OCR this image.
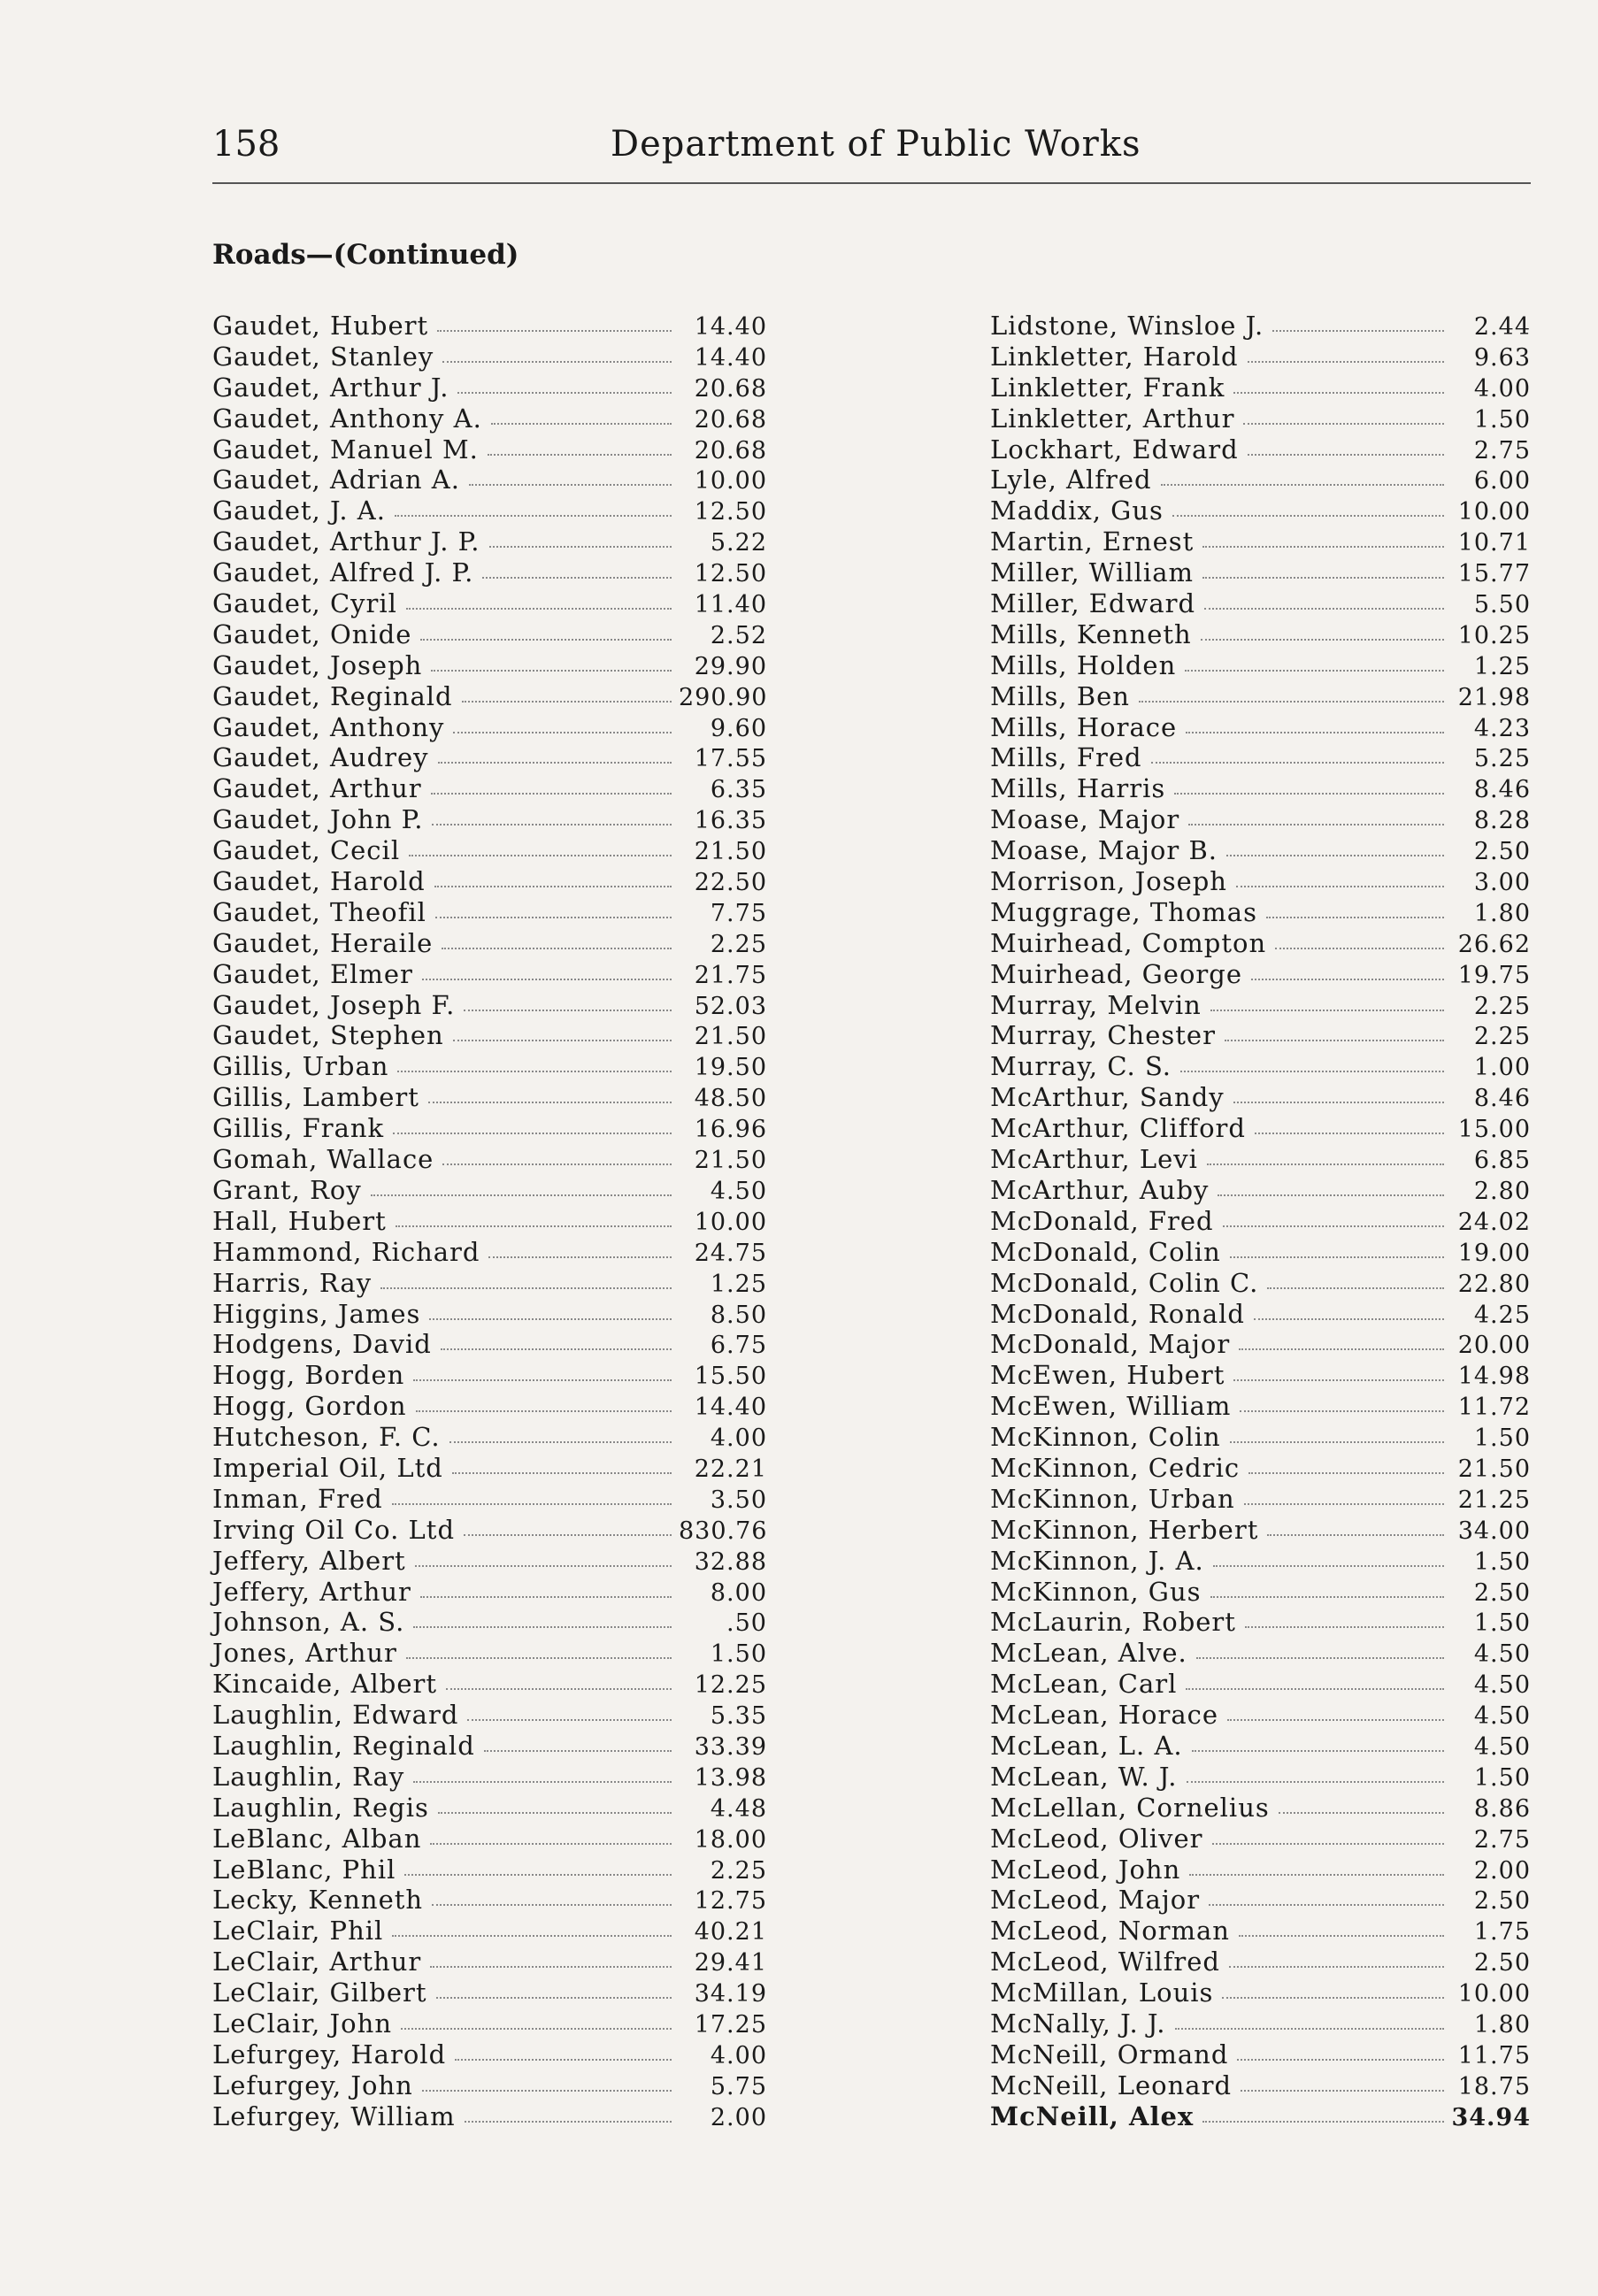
158	Department of Public Works
Roads—(Continued)
Gaudet, Hubert	14.40
Gaudet, Stanley	14.40
Gaudet, Arthur J.	20.68
Gaudet, Anthony A.	20.68
Gaudet, Manuel M.	20.68
Gaudet, Adrian A.	10.00
Gaudet, J. A.	12.50
Gaudet, Arthur J. P.	5.22
Gaudet, Alfred J. P.	12.50
Gaudet, Cyril	11.40
Gaudet, Onide	2.52
Gaudet, Joseph	29.90
Gaudet, Reginald	290.90
Gaudet, Anthony	9.60
Gaudet, Audrey	17.55
Gaudet, Arthur	6.35
Gaudet, John P.	16.35
Gaudet, Cecil	21.50
Gaudet, Harold	22.50
Gaudet, Theofil	7.75
Gaudet, Heraile	2.25
Gaudet, Elmer	21.75
Gaudet, Joseph F.	52.03
Gaudet, Stephen	21.50
Gillis, Urban	19.50
Gillis, Lambert	48.50
Gillis, Frank	16.96
Gomah, Wallace	21.50
Grant, Roy	4.50
Hall, Hubert	10.00
Hammond, Richard	24.75
Harris, Ray	1.25
Higgins, James	8.50
Hodgens, David	6.75
Hogg, Borden	15.50
Hogg, Gordon	14.40
Hutcheson, F. C.	4.00
Imperial Oil, Ltd	22.21
Inman, Fred	3.50
Irving Oil Co. Ltd	830.76
Jeffery, Albert	32.88
Jeffery, Arthur	8.00
Johnson, A. S.	.50
Jones, Arthur	1.50
Kincaide, Albert	12.25
Laughlin, Edward	5.35
Laughlin, Reginald	33.39
Laughlin, Ray	13.98
Laughlin, Regis	4.48
LeBlanc, Alban	18.00
LeBlanc, Phil	2.25
Lecky, Kenneth	12.75
LeClair, Phil	40.21
LeClair, Arthur	29.41
LeClair, Gilbert	34.19
LeClair, John	17.25
Lefurgey, Harold	4.00
Lefurgey, John	5.75
Lefurgey, William	2.00
Lidstone, Winsloe J.	2.44
Linkletter, Harold	9.63
Linkletter, Frank	4.00
Linkletter, Arthur	1.50
Lockhart, Edward	2.75
Lyle, Alfred	6.00
Maddix, Gus	10.00
Martin, Ernest	10.71
Miller, William	15.77
Miller, Edward	5.50
Mills, Kenneth	10.25
Mills, Holden	1.25
Mills, Ben	21.98
Mills, Horace	4.23
Mills, Fred	5.25
Mills, Harris	8.46
Moase, Major	8.28
Moase, Major B.	2.50
Morrison, Joseph	3.00
Muggrage, Thomas	1.80
Muirhead, Compton	26.62
Muirhead, George	19.75
Murray, Melvin	2.25
Murray, Chester	2.25
Murray, C. S.	1.00
McArthur, Sandy	8.46
McArthur, Clifford	15.00
McArthur, Levi	6.85
McArthur, Auby	2.80
McDonald, Fred	24.02
McDonald, Colin	19.00
McDonald, Colin C.	22.80
McDonald, Ronald	4.25
McDonald, Major	20.00
McEwen, Hubert	14.98
McEwen, William	11.72
McKinnon, Colin	1.50
McKinnon, Cedric	21.50
McKinnon, Urban	21.25
McKinnon, Herbert	34.00
McKinnon, J. A.	1.50
McKinnon, Gus	2.50
McLaurin, Robert	1.50
McLean, Alve.	4.50
McLean, Carl	4.50
McLean, Horace	4.50
McLean, L. A.	4.50
McLean, W. J.	1.50
McLellan, Cornelius	8.86
McLeod, Oliver	2.75
McLeod, John	2.00
McLeod, Major	2.50
McLeod, Norman	1.75
McLeod, Wilfred	2.50
McMillan, Louis	10.00
McNally, J. J.	1.80
McNeill, Ormand	11.75
McNeill, Leonard	18.75
McNeill, Alex	34.94
